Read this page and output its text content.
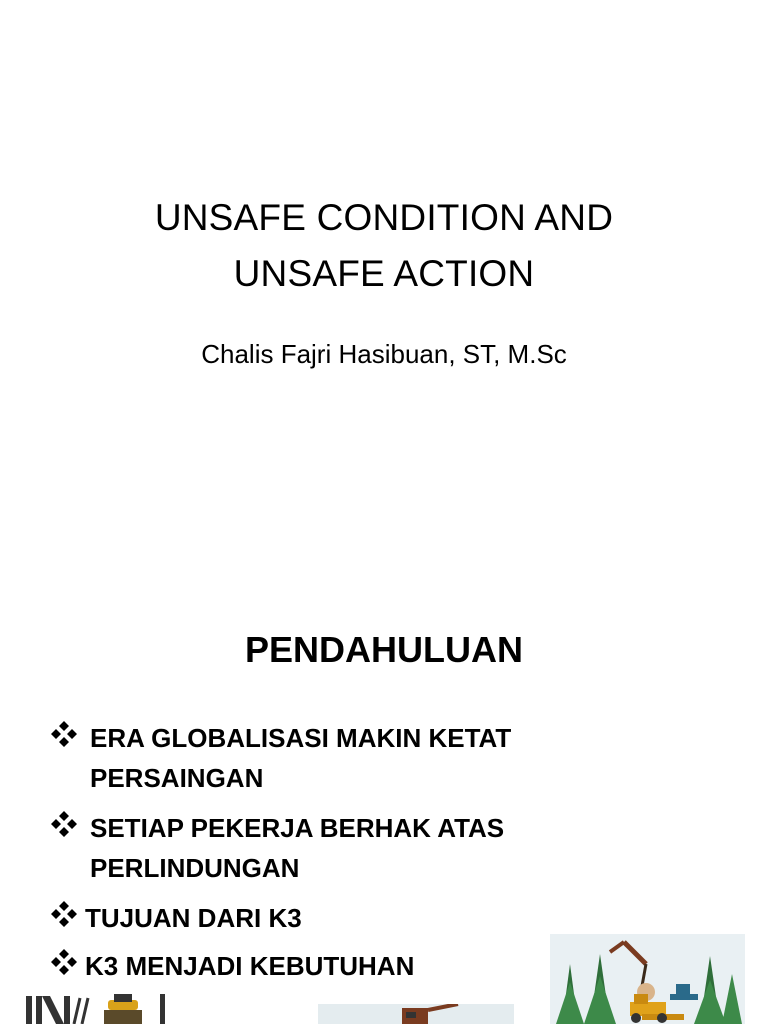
UNSAFE CONDITION AND
UNSAFE ACTION
Chalis Fajri Hasibuan, ST, M.Sc
PENDAHULUAN
ERA GLOBALISASI MAKIN KETAT PERSAINGAN
SETIAP PEKERJA BERHAK ATAS PERLINDUNGAN
TUJUAN DARI K3
K3 MENJADI KEBUTUHAN
